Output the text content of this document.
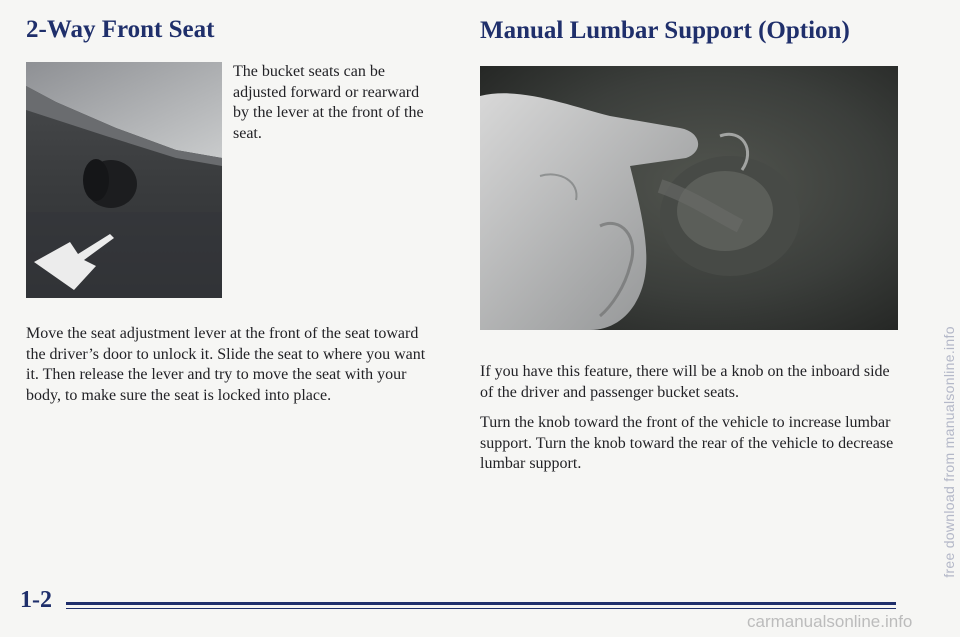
2-Way Front Seat	Manual Lumbar Support (Option)

The bucket seats can be adjusted forward or rearward by the lever at the front of the seat.

Move the seat adjustment lever at the front of the seat toward the driver’s door to unlock it. Slide the seat to where you want it. Then release the lever and try to move the seat with your body, to make sure the seat is locked into place.

If you have this feature, there will be a knob on the inboard side of the driver and passenger bucket seats.

Turn the knob toward the front of the vehicle to increase lumbar support. Turn the knob toward the rear of the vehicle to decrease lumbar support.

1-2

free download from manualsonline.info

carmanualsonline.info
